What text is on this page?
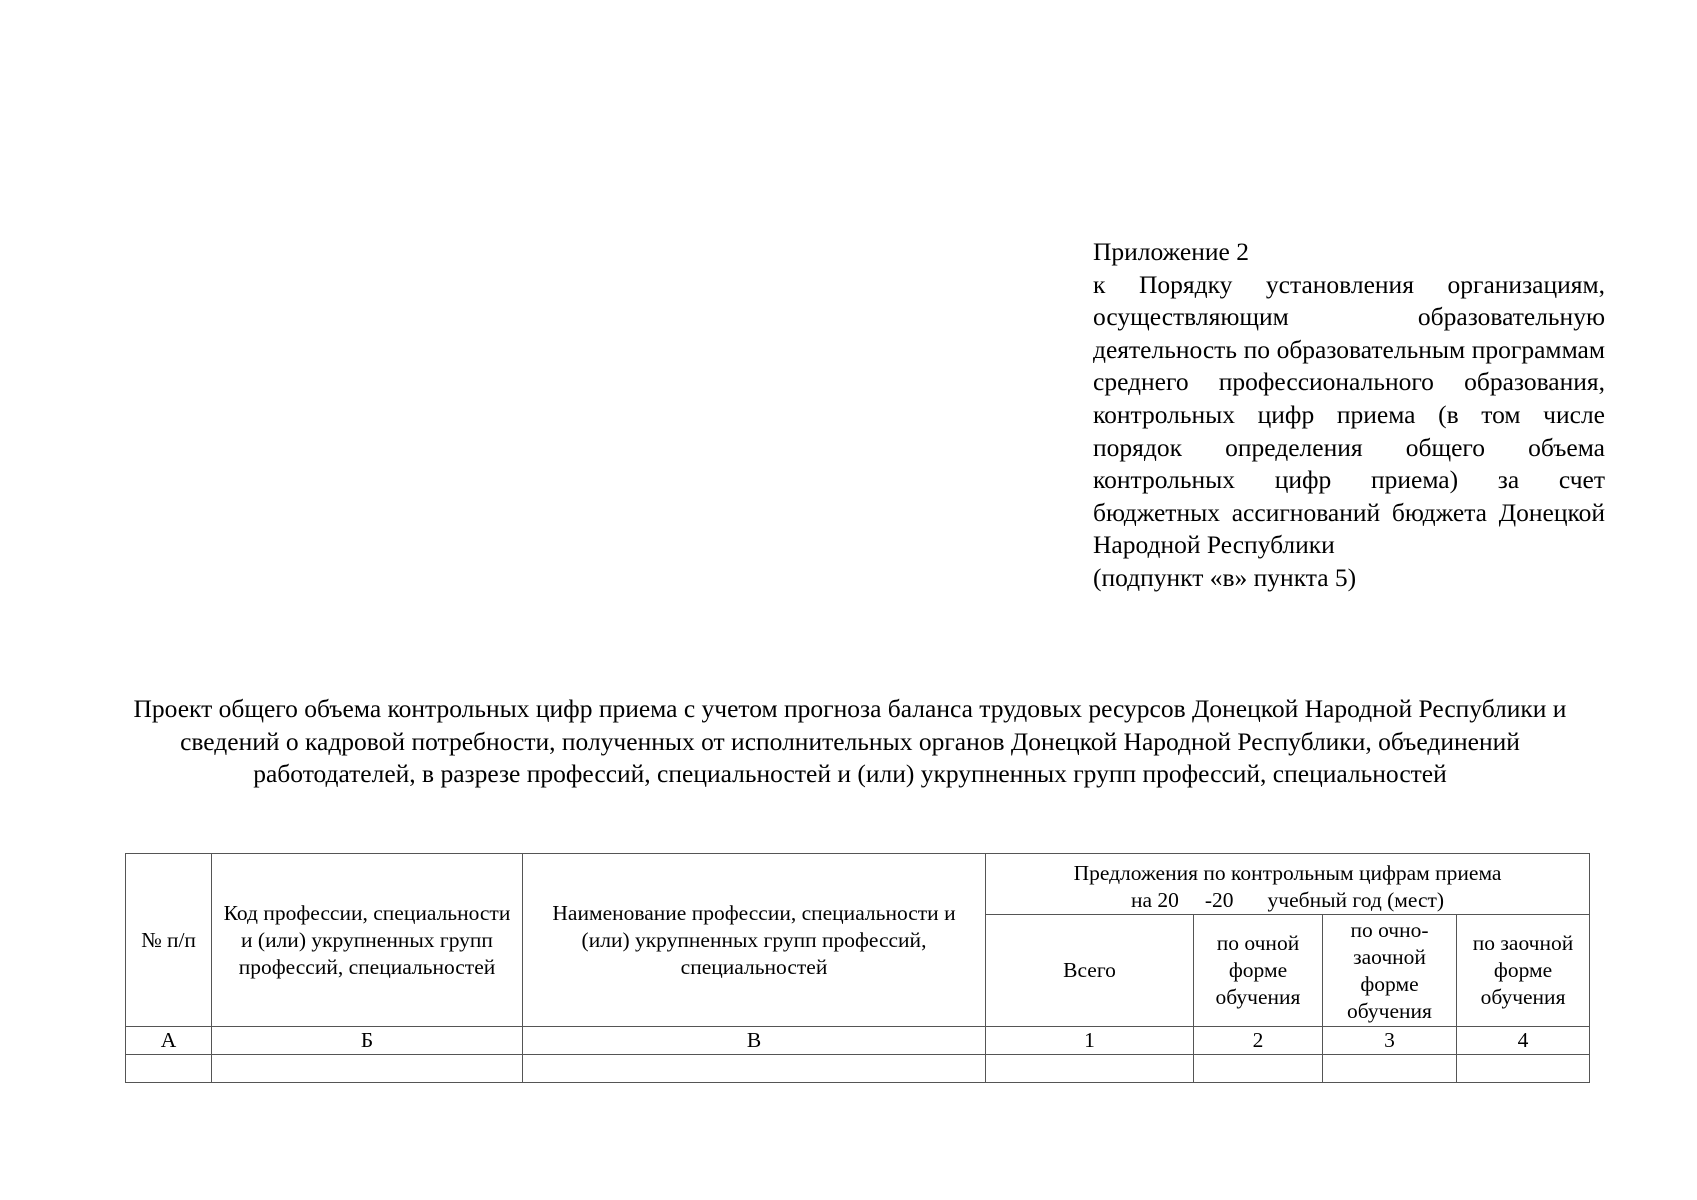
Приложение 2
к Порядку установления организациям, осуществляющим образовательную деятельность по образовательным программам среднего профессионального образования, контрольных цифр приема (в том числе порядок определения общего объема контрольных цифр приема) за счет бюджетных ассигнований бюджета Донецкой Народной Республики
(подпункт «в» пункта 5)
Проект общего объема контрольных цифр приема с учетом прогноза баланса трудовых ресурсов Донецкой Народной Республики и сведений о кадровой потребности, полученных от исполнительных органов Донецкой Народной Республики, объединений работодателей, в разрезе профессий, специальностей и (или) укрупненных групп профессий, специальностей
№ п/п	Код профессии, специальности и (или) укрупненных групп профессий, специальностей	Наименование профессии, специальности и (или) укрупненных групп профессий, специальностей	Предложения по контрольным цифрам приема
на 20 -20 учебный год (мест)			

			Всего	по очной форме обучения	по очно-заочной форме обучения	по заочной форме обучения
А	Б	В	1	2	3	4
